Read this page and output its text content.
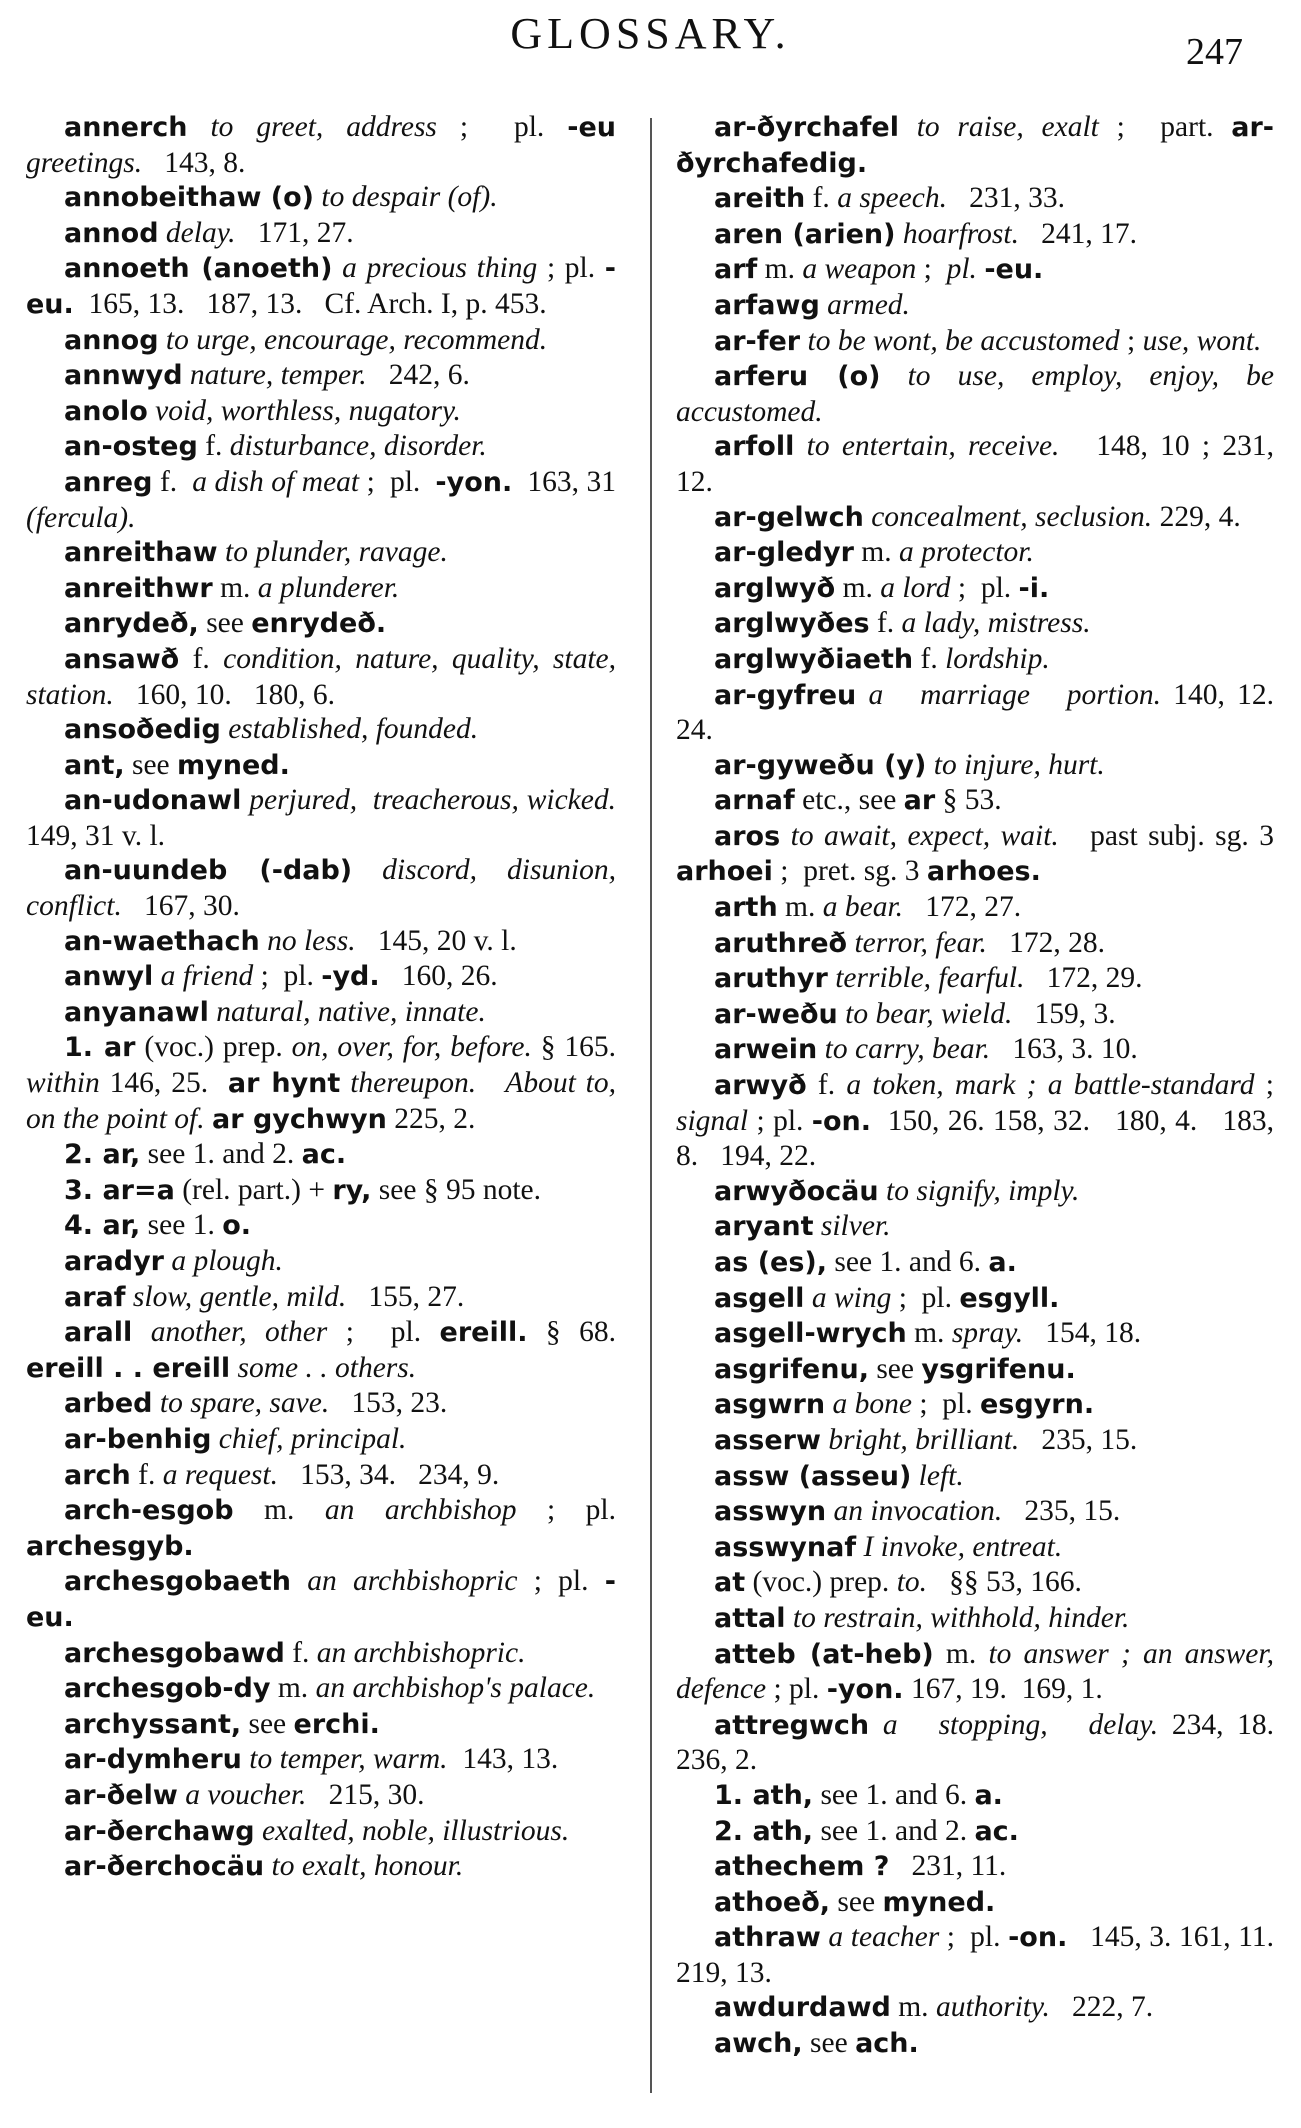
GLOSSARY.	247
annerch to greet, address ;  pl. -eu greetings.   143, 8.
annobeithaw (o) to despair (of).
annod delay.   171, 27.
annoeth (anoeth) a precious thing ; pl. -eu.  165, 13.   187, 13.   Cf. Arch. I, p. 453.
annog to urge, encourage, recommend.
annwyd nature, temper.   242, 6.
anolo void, worthless, nugatory.
an-osteg f. disturbance, disorder.
anreg f.  a dish of meat ;  pl.  -yon.  163, 31 (fercula).
anreithaw to plunder, ravage.
anreithwr m. a plunderer.
anrydeð, see enrydeð.
ansawð f. condition, nature, quality, state, station.   160, 10.   180, 6.
ansoðedig established, founded.
ant, see myned.
an-udonawl perjured,  treacherous, wicked.   149, 31 v. l.
an-uundeb (-dab) discord, disunion, conflict.   167, 30.
an-waethach no less.   145, 20 v. l.
anwyl a friend ;  pl. -yd.   160, 26.
anyanawl natural, native, innate.
1. ar (voc.) prep. on, over, for, before. § 165.  within 146, 25.  ar hynt thereupon.   About to, on the point of. ar gychwyn 225, 2.
2. ar, see 1. and 2. ac.
3. ar=a (rel. part.) + ry, see § 95 note.
4. ar, see 1. o.
aradyr a plough.
araf slow, gentle, mild.   155, 27.
arall another, other ;  pl. ereill. § 68.  ereill . . ereill some . . others.
arbed to spare, save.   153, 23.
ar-benhig chief, principal.
arch f. a request.   153, 34.   234, 9.
arch-esgob m. an archbishop ; pl. archesgyb.
archesgobaeth an archbishopric ; pl. -eu.
archesgobawd f. an archbishopric.
archesgob-dy m. an archbishop's palace.
archyssant, see erchi.
ar-dymheru to temper, warm.  143, 13.
ar-ðelw a voucher.   215, 30.
ar-ðerchawg exalted, noble, illustrious.
ar-ðerchocäu to exalt, honour.
ar-ðyrchafel to raise, exalt ;  part. ar-ðyrchafedig.
areith f. a speech.   231, 33.
aren (arien) hoarfrost.   241, 17.
arf m. a weapon ;  pl. -eu.
arfawg armed.
ar-fer to be wont, be accustomed ; use, wont.
arferu (o) to use, employ, enjoy, be accustomed.
arfoll to entertain, receive.   148, 10 ; 231, 12.
ar-gelwch concealment, seclusion. 229, 4.
ar-gledyr m. a protector.
arglwyð m. a lord ;  pl. -i.
arglwyðes f. a lady, mistress.
arglwyðiaeth f. lordship.
ar-gyfreu a   marriage   portion. 140, 12.  24.
ar-gyweðu (y) to injure, hurt.
arnaf etc., see ar § 53.
aros to await, expect, wait.   past subj. sg. 3 arhoei ;  pret. sg. 3 arhoes.
arth m. a bear.   172, 27.
aruthreð terror, fear.   172, 28.
aruthyr terrible, fearful.   172, 29.
ar-weðu to bear, wield.   159, 3.
arwein to carry, bear.   163, 3. 10.
arwyð f. a token, mark ; a battle-standard ; signal ; pl. -on.  150, 26. 158, 32.   180, 4.   183, 8.   194, 22.
arwyðocäu to signify, imply.
aryant silver.
as (es), see 1. and 6. a.
asgell a wing ;  pl. esgyll.
asgell-wrych m. spray.   154, 18.
asgrifenu, see ysgrifenu.
asgwrn a bone ;  pl. esgyrn.
asserw bright, brilliant.   235, 15.
assw (asseu) left.
asswyn an invocation.   235, 15.
asswynaf I invoke, entreat.
at (voc.) prep. to.   §§ 53, 166.
attal to restrain, withhold, hinder.
atteb (at-heb) m. to answer ; an answer, defence ; pl. -yon. 167, 19.  169, 1.
attregwch a   stopping,   delay. 234, 18.   236, 2.
1. ath, see 1. and 6. a.
2. ath, see 1. and 2. ac.
athechem ?   231, 11.
athoeð, see myned.
athraw a teacher ;  pl. -on.   145, 3. 161, 11.   219, 13.
awdurdawd m. authority.   222, 7.
awch, see ach.
